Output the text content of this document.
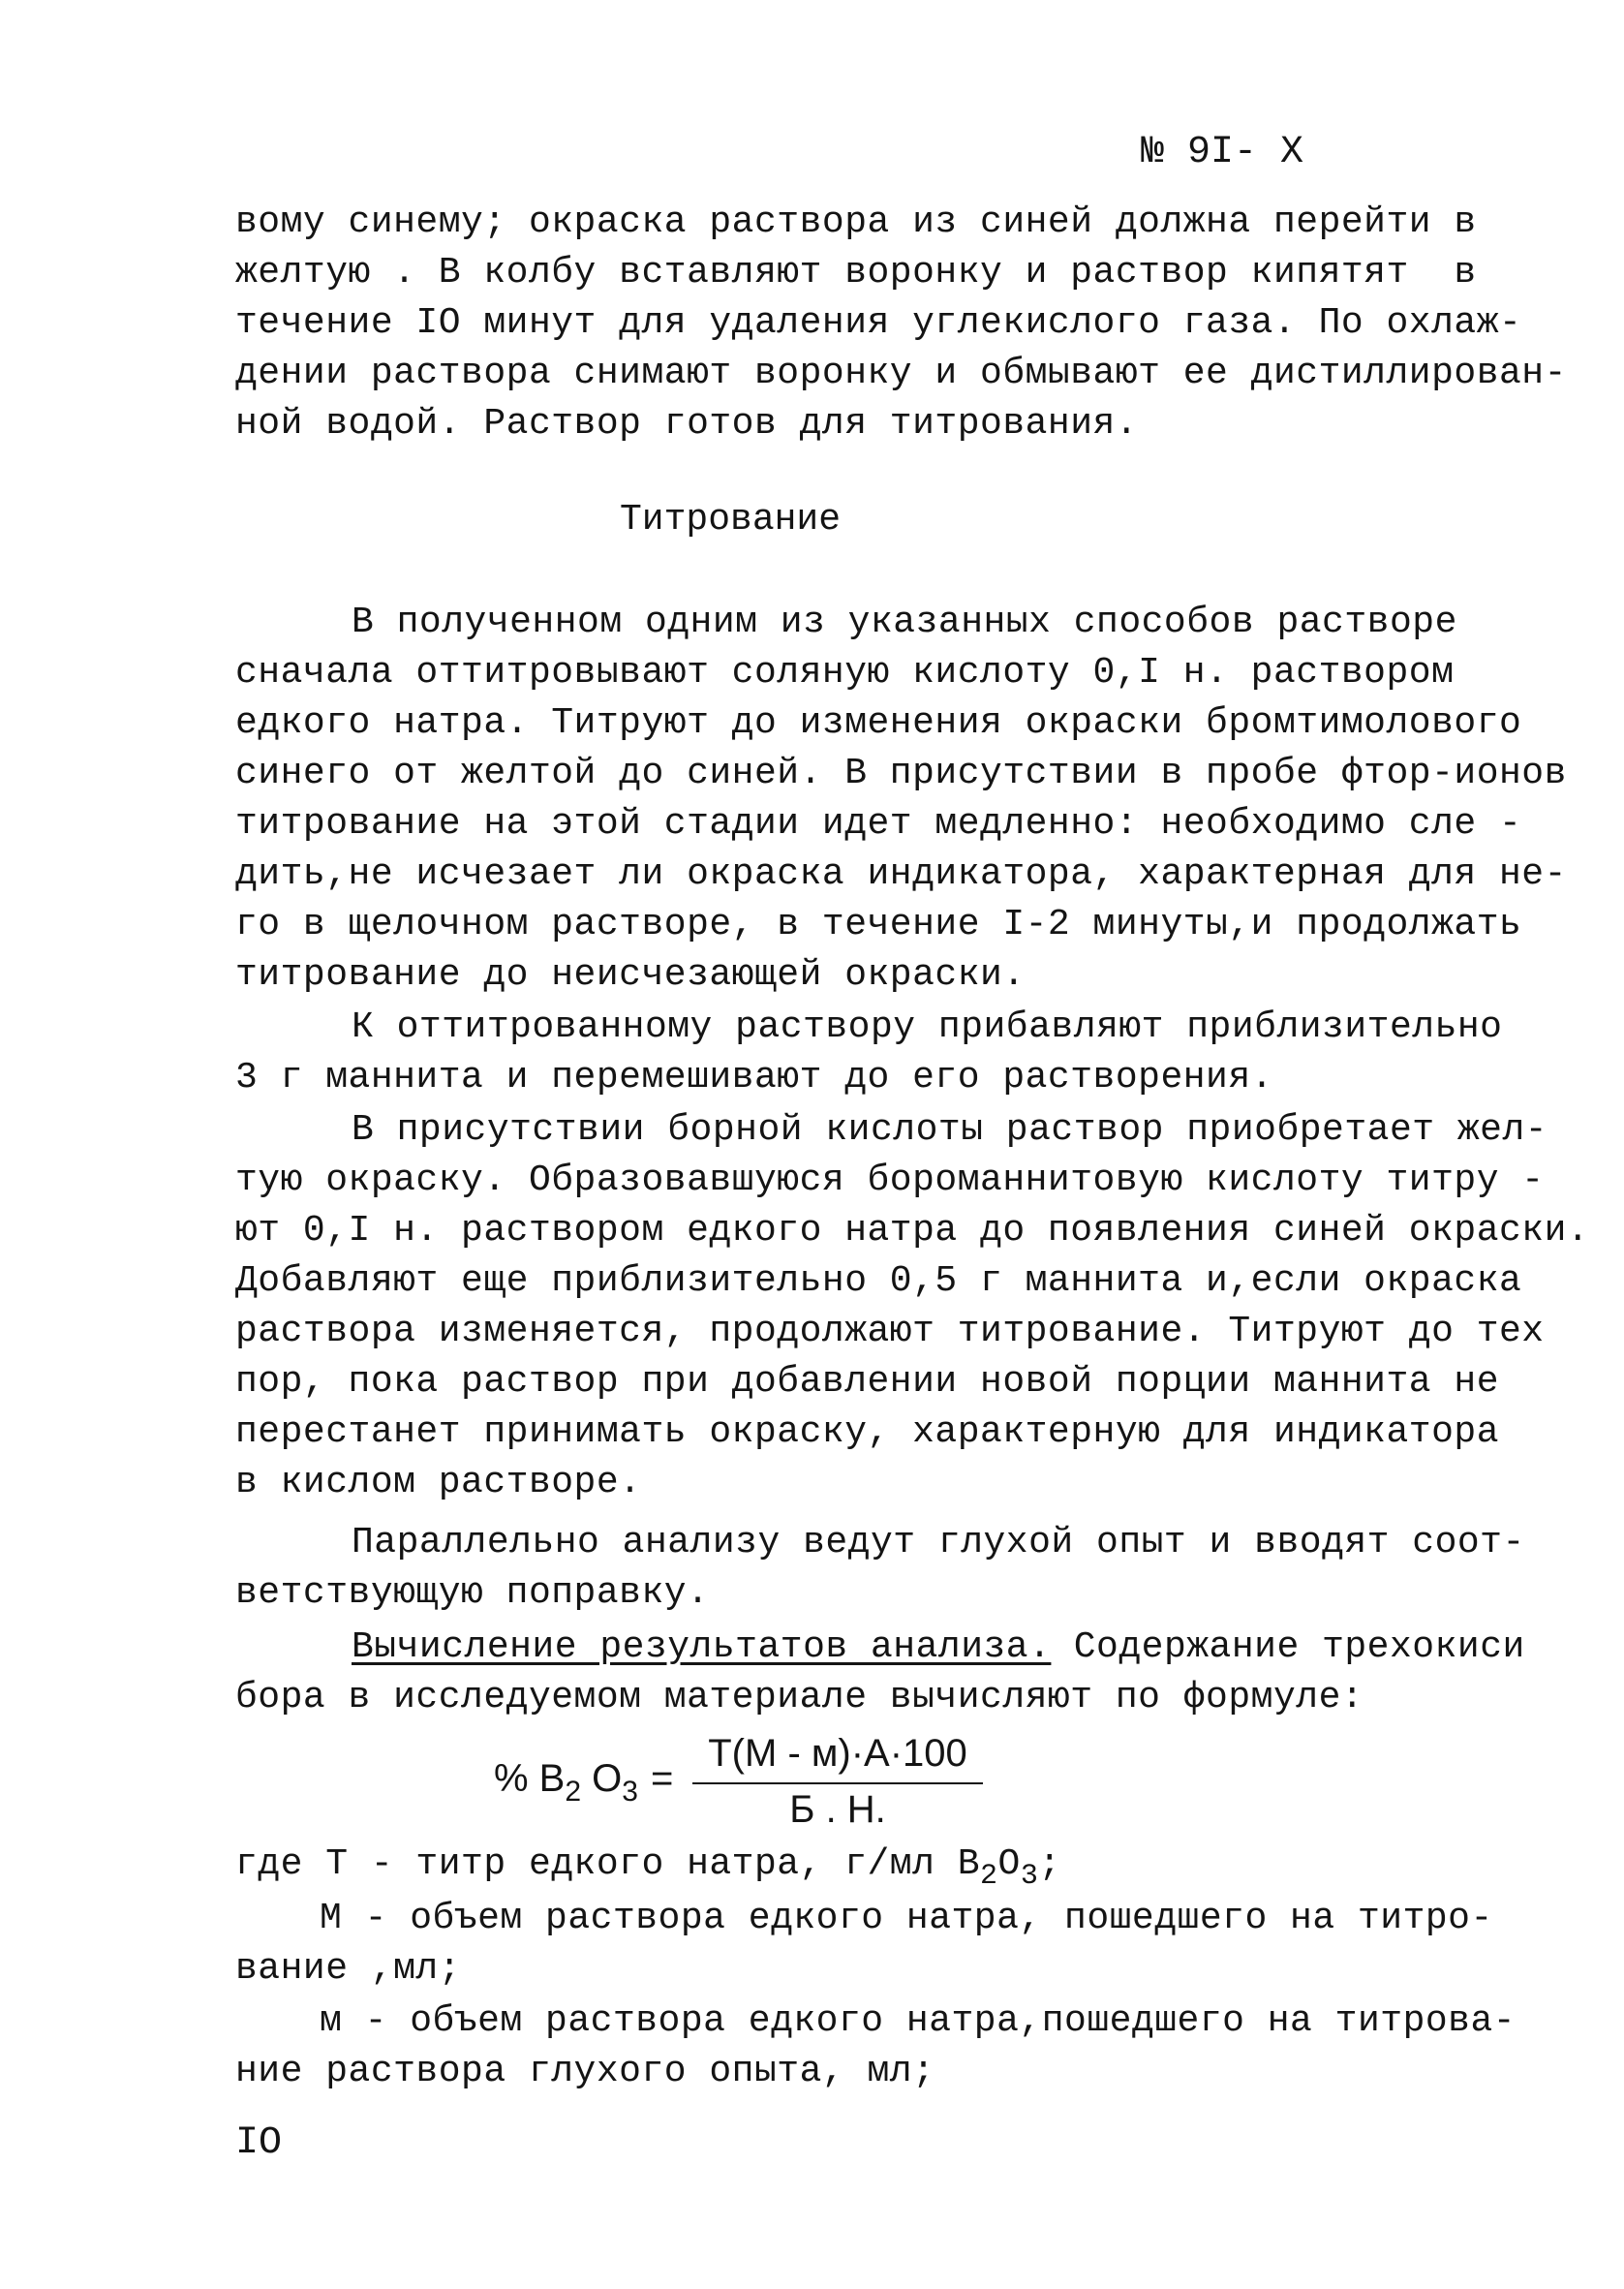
№ 9I- X
вому синему; окраска раствора из синей должна перейти в
желтую . В колбу вставляют воронку и раствор кипятят  в
течение IO минут для удаления углекислого газа. По охлаж-
дении раствора снимают воронку и обмывают ее дистиллирован-
ной водой. Раствор готов для титрования.
Титрование
В полученном одним из указанных способов растворе
сначала оттитровывают соляную кислоту 0,I н. раствором
едкого натра. Титруют до изменения окраски бромтимолового
синего от желтой до синей. В присутствии в пробе фтор-ионов
титрование на этой стадии идет медленно: необходимо сле -
дить,не исчезает ли окраска индикатора, характерная для не-
го в щелочном растворе, в течение I-2 минуты,и продолжать
титрование до неисчезающей окраски.
К оттитрованному раствору прибавляют приблизительно
3 г маннита и перемешивают до его растворения.
В присутствии борной кислоты раствор приобретает жел-
тую окраску. Образовавшуюся бороманнитовую кислоту титру -
ют 0,I н. раствором едкого натра до появления синей окраски.
Добавляют еще приблизительно 0,5 г маннита и,если окраска
раствора изменяется, продолжают титрование. Титруют до тех
пор, пока раствор при добавлении новой порции маннита не
перестанет принимать окраску, характерную для индикатора
в кислом растворе.
Параллельно анализу ведут глухой опыт и вводят соот-
ветствующую поправку.
Вычисление результатов анализа. Содержание трехокиси
бора в исследуемом материале вычисляют по формуле:
% $B_2$ $O_3$ =
T(M - м)·A·100
Б . Н.
где Т - титр едкого натра, г/мл $B_2O_3$;
М - объем раствора едкого натра, пошедшего на титро-
вание ,мл;
м - объем раствора едкого натра,пошедшего на титрова-
ние раствора глухого опыта, мл;
IO
